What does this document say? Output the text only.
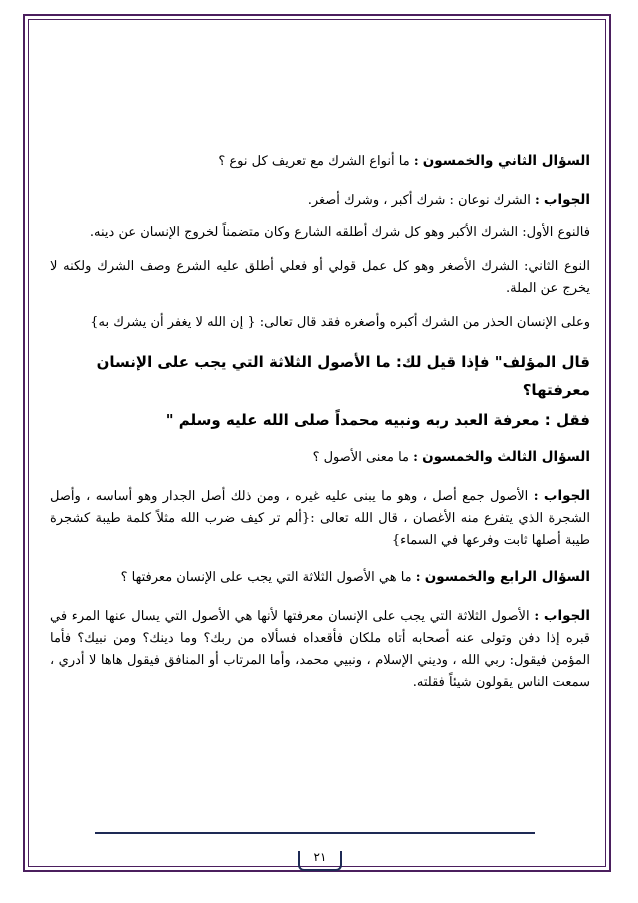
السؤال الثاني والخمسون : ما أنواع الشرك مع تعريف كل نوع ؟

الجواب : الشرك نوعان : شرك أكبر ، وشرك أصغر.

فالنوع الأول: الشرك الأكبر وهو كل شرك أطلقه الشارع وكان متضمناً لخروج الإنسان عن دينه.

النوع الثاني: الشرك الأصغر وهو كل عمل قولي أو فعلي أطلق عليه الشرع وصف الشرك ولكنه لا يخرج عن الملة.

وعلى الإنسان الحذر من الشرك أكبره وأصغره فقد قال تعالى: { إن الله لا يغفر أن يشرك به}

قال المؤلف" فإذا قيل لك: ما الأصول الثلاثة التي يجب على الإنسان معرفتها؟

فقل : معرفة العبد ربه ونبيه محمداً صلى الله عليه وسلم "

السؤال الثالث والخمسون : ما معنى الأصول ؟

الجواب : الأصول جمع أصل ، وهو ما يبنى عليه غيره ، ومن ذلك أصل الجدار وهو أساسه ، وأصل الشجرة الذي يتفرع منه الأغصان ، قال الله تعالى :{ألم تر كيف ضرب الله مثلاً كلمة طيبة كشجرة طيبة أصلها ثابت وفرعها في السماء}

السؤال الرابع والخمسون : ما هي الأصول الثلاثة التي يجب على الإنسان معرفتها ؟

الجواب : الأصول الثلاثة التي يجب على الإنسان معرفتها لأنها هي الأصول التي يسال عنها المرء في قبره إذا دفن وتولى عنه أصحابه أتاه ملكان فأقعداه فسألاه من ربك؟ وما دينك؟ ومن نبيك؟ فأما المؤمن فيقول: ربي الله ، وديني الإسلام ، ونبيي محمد، وأما المرتاب أو المنافق فيقول هاها لا أدري ، سمعت الناس يقولون شيئاً فقلته.

٢١
